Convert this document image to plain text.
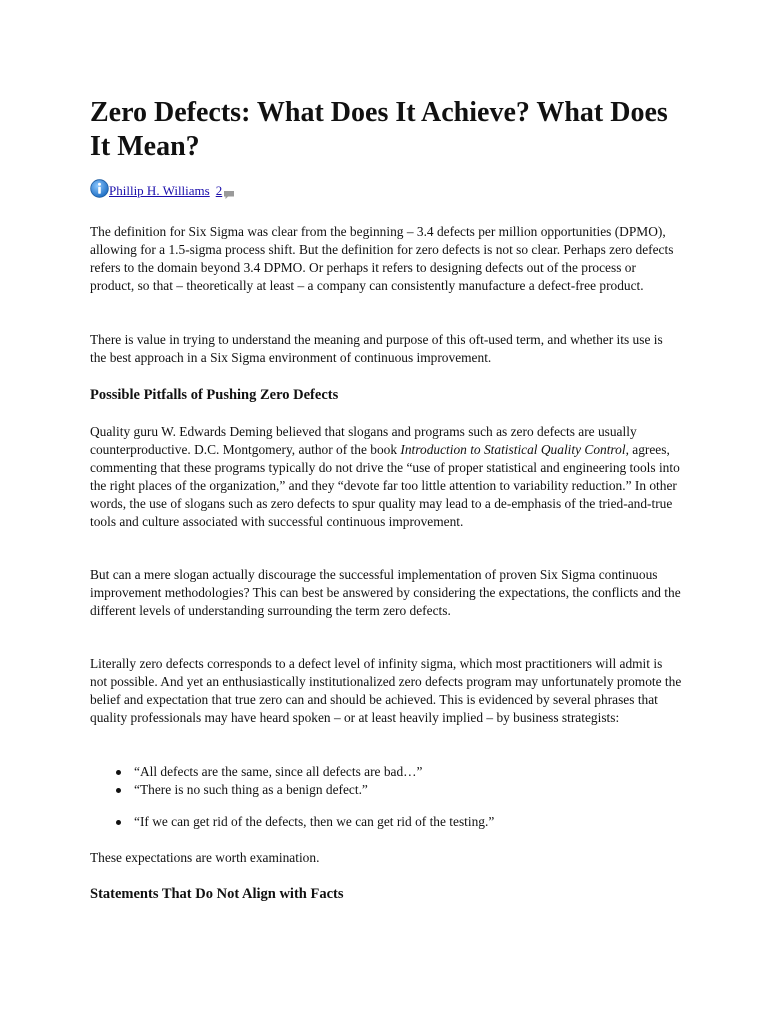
Zero Defects: What Does It Achieve? What Does It Mean?
Phillip H. Williams 2

The definition for Six Sigma was clear from the beginning – 3.4 defects per million opportunities (DPMO), allowing for a 1.5-sigma process shift. But the definition for zero defects is not so clear. Perhaps zero defects refers to the domain beyond 3.4 DPMO. Or perhaps it refers to designing defects out of the process or product, so that – theoretically at least – a company can consistently manufacture a defect-free product.

There is value in trying to understand the meaning and purpose of this oft-used term, and whether its use is the best approach in a Six Sigma environment of continuous improvement.

Possible Pitfalls of Pushing Zero Defects

Quality guru W. Edwards Deming believed that slogans and programs such as zero defects are usually counterproductive. D.C. Montgomery, author of the book Introduction to Statistical Quality Control, agrees, commenting that these programs typically do not drive the “use of proper statistical and engineering tools into the right places of the organization,” and they “devote far too little attention to variability reduction.” In other words, the use of slogans such as zero defects to spur quality may lead to a de-emphasis of the tried-and-true tools and culture associated with successful continuous improvement.

But can a mere slogan actually discourage the successful implementation of proven Six Sigma continuous improvement methodologies? This can best be answered by considering the expectations, the conflicts and the different levels of understanding surrounding the term zero defects.

Literally zero defects corresponds to a defect level of infinity sigma, which most practitioners will admit is not possible. And yet an enthusiastically institutionalized zero defects program may unfortunately promote the belief and expectation that true zero can and should be achieved. This is evidenced by several phrases that quality professionals may have heard spoken – or at least heavily implied – by business strategists:

“All defects are the same, since all defects are bad…”
“There is no such thing as a benign defect.”
“If we can get rid of the defects, then we can get rid of the testing.”

These expectations are worth examination.

Statements That Do Not Align with Facts
